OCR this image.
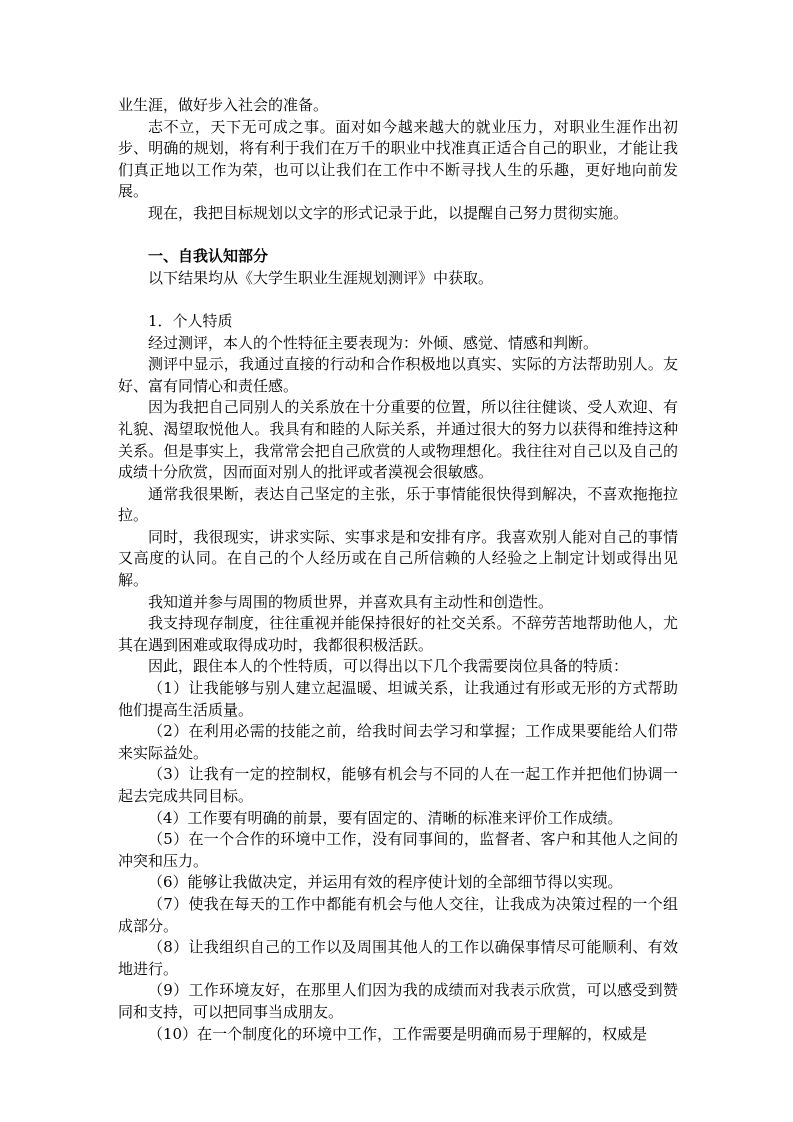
业生涯，做好步入社会的准备。

志不立，天下无可成之事。面对如今越来越大的就业压力，对职业生涯作出初步、明确的规划，将有利于我们在万千的职业中找准真正适合自己的职业，才能让我们真正地以工作为荣，也可以让我们在工作中不断寻找人生的乐趣，更好地向前发展。

现在，我把目标规划以文字的形式记录于此，以提醒自己努力贯彻实施。

一、自我认知部分

以下结果均从《大学生职业生涯规划测评》中获取。

1．个人特质

经过测评，本人的个性特征主要表现为：外倾、感觉、情感和判断。

测评中显示，我通过直接的行动和合作积极地以真实、实际的方法帮助别人。友好、富有同情心和责任感。

因为我把自己同别人的关系放在十分重要的位置，所以往往健谈、受人欢迎、有礼貌、渴望取悦他人。我具有和睦的人际关系，并通过很大的努力以获得和维持这种关系。但是事实上，我常常会把自己欣赏的人或物理想化。我往往对自己以及自己的成绩十分欣赏，因而面对别人的批评或者漠视会很敏感。

通常我很果断，表达自己坚定的主张，乐于事情能很快得到解决，不喜欢拖拖拉拉。

同时，我很现实，讲求实际、实事求是和安排有序。我喜欢别人能对自己的事情又高度的认同。在自己的个人经历或在自己所信赖的人经验之上制定计划或得出见解。

我知道并参与周围的物质世界，并喜欢具有主动性和创造性。

我支持现存制度，往往重视并能保持很好的社交关系。不辞劳苦地帮助他人，尤其在遇到困难或取得成功时，我都很积极活跃。

因此，跟住本人的个性特质，可以得出以下几个我需要岗位具备的特质：

（1）让我能够与别人建立起温暖、坦诚关系，让我通过有形或无形的方式帮助他们提高生活质量。

（2）在利用必需的技能之前，给我时间去学习和掌握；工作成果要能给人们带来实际益处。

（3）让我有一定的控制权，能够有机会与不同的人在一起工作并把他们协调一起去完成共同目标。

（4）工作要有明确的前景，要有固定的、清晰的标准来评价工作成绩。

（5）在一个合作的环境中工作，没有同事间的，监督者、客户和其他人之间的冲突和压力。

（6）能够让我做决定，并运用有效的程序使计划的全部细节得以实现。

（7）使我在每天的工作中都能有机会与他人交往，让我成为决策过程的一个组成部分。

（8）让我组织自己的工作以及周围其他人的工作以确保事情尽可能顺利、有效地进行。

（9）工作环境友好，在那里人们因为我的成绩而对我表示欣赏，可以感受到赞同和支持，可以把同事当成朋友。

（10）在一个制度化的环境中工作，工作需要是明确而易于理解的，权威是
